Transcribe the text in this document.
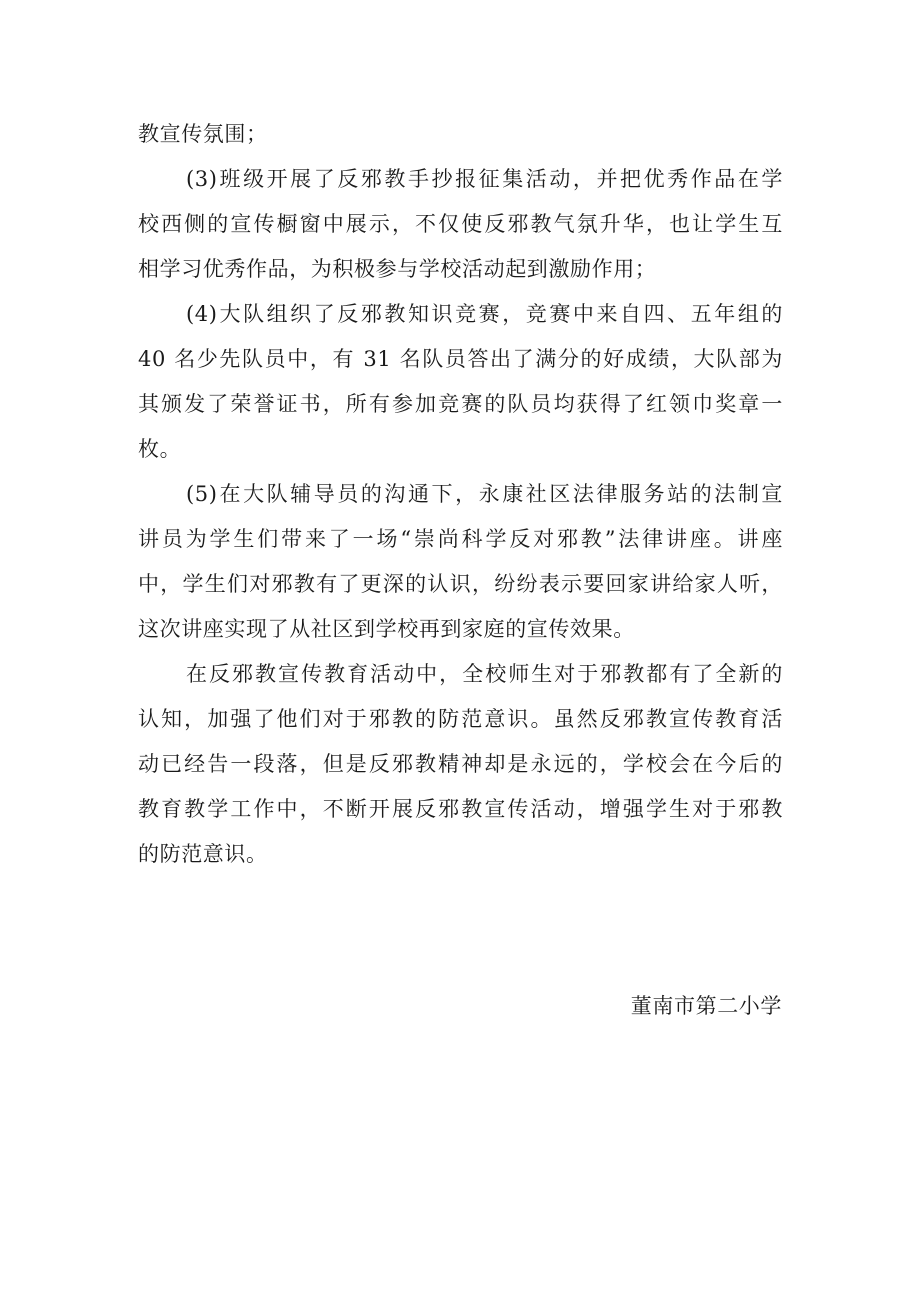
教宣传氛围；
(3)班级开展了反邪教手抄报征集活动，并把优秀作品在学
校西侧的宣传橱窗中展示，不仅使反邪教气氛升华，也让学生互
相学习优秀作品，为积极参与学校活动起到激励作用；
(4)大队组织了反邪教知识竞赛，竞赛中来自四、五年组的
40 名少先队员中，有 31 名队员答出了满分的好成绩，大队部为
其颁发了荣誉证书，所有参加竞赛的队员均获得了红领巾奖章一
枚。
(5)在大队辅导员的沟通下，永康社区法律服务站的法制宣
讲员为学生们带来了一场“崇尚科学反对邪教”法律讲座。讲座
中，学生们对邪教有了更深的认识，纷纷表示要回家讲给家人听，
这次讲座实现了从社区到学校再到家庭的宣传效果。
在反邪教宣传教育活动中，全校师生对于邪教都有了全新的
认知，加强了他们对于邪教的防范意识。虽然反邪教宣传教育活
动已经告一段落，但是反邪教精神却是永远的，学校会在今后的
教育教学工作中，不断开展反邪教宣传活动，增强学生对于邪教
的防范意识。
董南市第二小学
